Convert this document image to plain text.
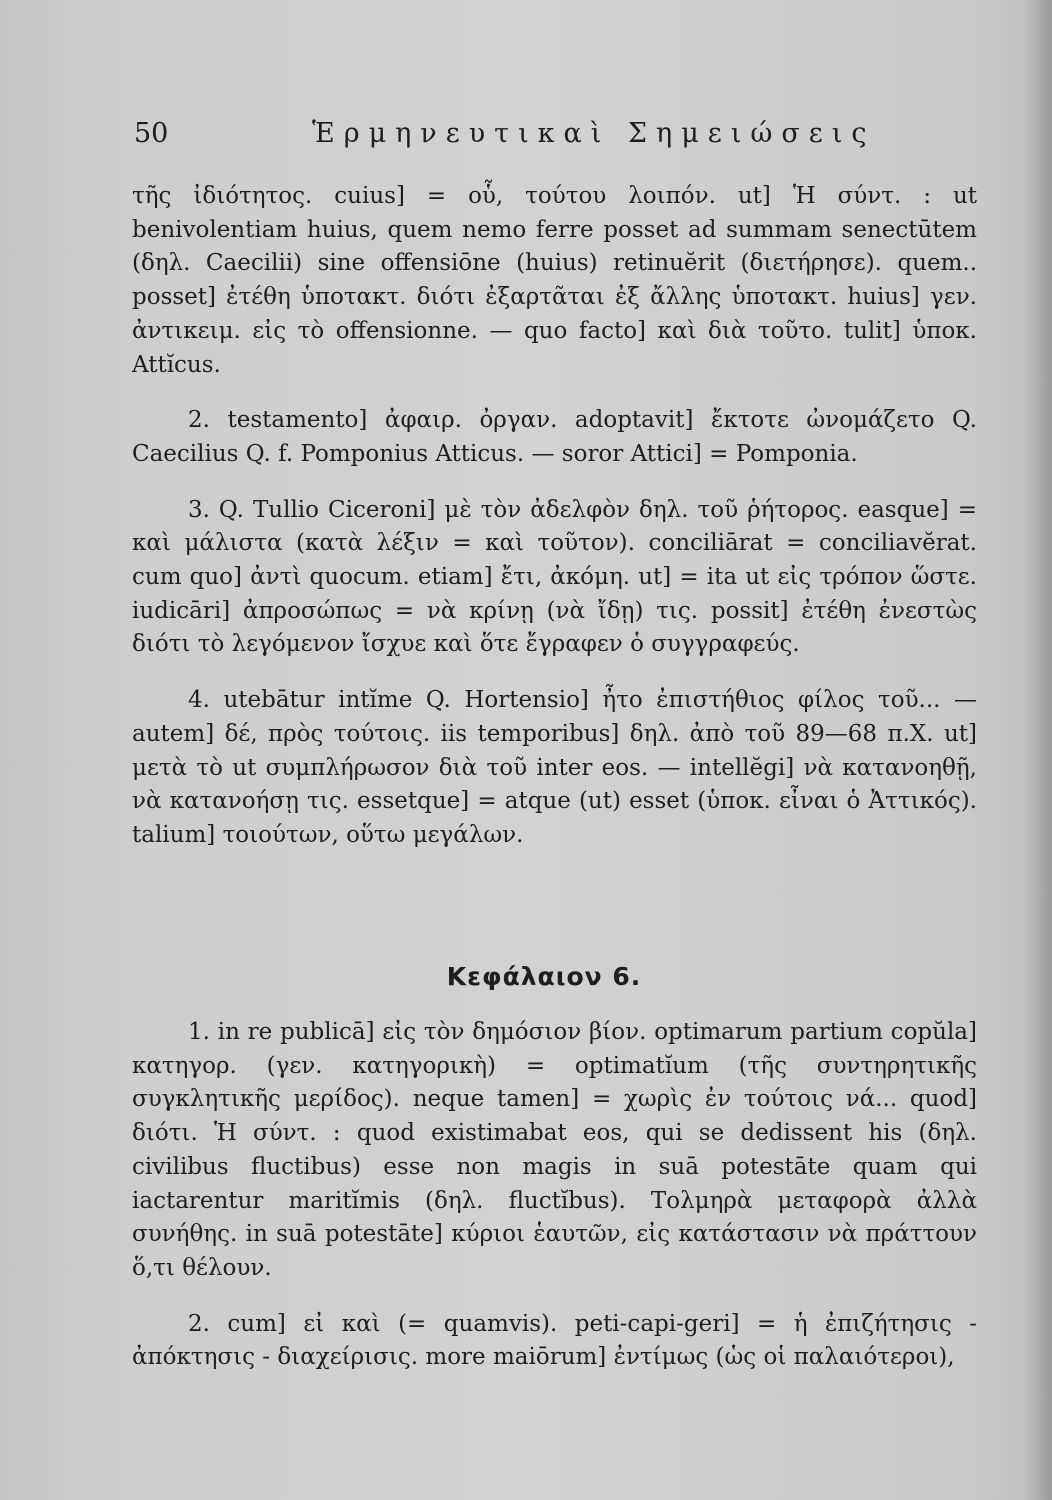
50	Ἑρμηνευτικαὶ Σημειώσεις

τῆς ἰδιότητος. cuius] = οὗ, τούτου λοιπόν. ut] Ἡ σύντ. : ut benivolentiam huius, quem nemo ferre posset ad summam senectūtem (δηλ. Caecilii) sine offensiōne (huius) retinuĕrit (διετήρησε). quem.. posset] ἐτέθη ὑποτακτ. διότι ἐξαρτᾶται ἐξ ἄλλης ὑποτακτ. huius] γεν. ἀντικειμ. εἰς τὸ offensionne. — quo facto] καὶ διὰ τοῦτο. tulit] ὑποκ. Attĭcus.

2. testamento] ἀφαιρ. ὀργαν. adoptavit] ἔκτοτε ὠνομάζετο Q. Caecilius Q. f. Pomponius Atticus. — soror Attici] = Pomponia.

3. Q. Tullio Ciceroni] μὲ τὸν ἀδελφὸν δηλ. τοῦ ῥήτορος. easque] = καὶ μάλιστα (κατὰ λέξιν = καὶ τοῦτον). conciliārat = conciliavĕrat. cum quo] ἀντὶ quocum. etiam] ἔτι, ἀκόμη. ut] = ita ut εἰς τρόπον ὥστε. iudicāri] ἀπροσώπως = νὰ κρίνῃ (νὰ ἴδῃ) τις. possit] ἐτέθη ἐνεστὼς διότι τὸ λεγόμενον ἴσχυε καὶ ὅτε ἔγραφεν ὁ συγγραφεύς.

4. utebātur intĭme Q. Hortensio] ἦτο ἐπιστήθιος φίλος τοῦ... — autem] δέ, πρὸς τούτοις. iis temporibus] δηλ. ἀπὸ τοῦ 89—68 π.Χ. ut] μετὰ τὸ ut συμπλήρωσον διὰ τοῦ inter eos. — intellĕgi] νὰ κατανοηθῇ, νὰ κατανοήσῃ τις. essetque] = atque (ut) esset (ὑποκ. εἶναι ὁ Ἀττικός). talium] τοιούτων, οὕτω μεγάλων.

Κεφάλαιον 6.

1. in re publicā] εἰς τὸν δημόσιον βίον. optimarum partium copŭla] κατηγορ. (γεν. κατηγορικὴ) = optimatĭum (τῆς συντηρητικῆς συγκλητικῆς μερίδος). neque tamen] = χωρὶς ἐν τούτοις νά... quod] διότι. Ἡ σύντ. : quod existimabat eos, qui se dedissent his (δηλ. civilibus fluctibus) esse non magis in suā potestāte quam qui iactarentur maritĭmis (δηλ. fluctĭbus). Τολμηρὰ μεταφορὰ ἀλλὰ συνήθης. in suā potestāte] κύριοι ἑαυτῶν, εἰς κατάστασιν νὰ πράττουν ὅ,τι θέλουν.

2. cum] εἰ καὶ (= quamvis). peti-capi-geri] = ἡ ἐπιζήτησις - ἀπόκτησις - διαχείρισις. more maiōrum] ἐντίμως (ὡς οἱ παλαιότεροι),
